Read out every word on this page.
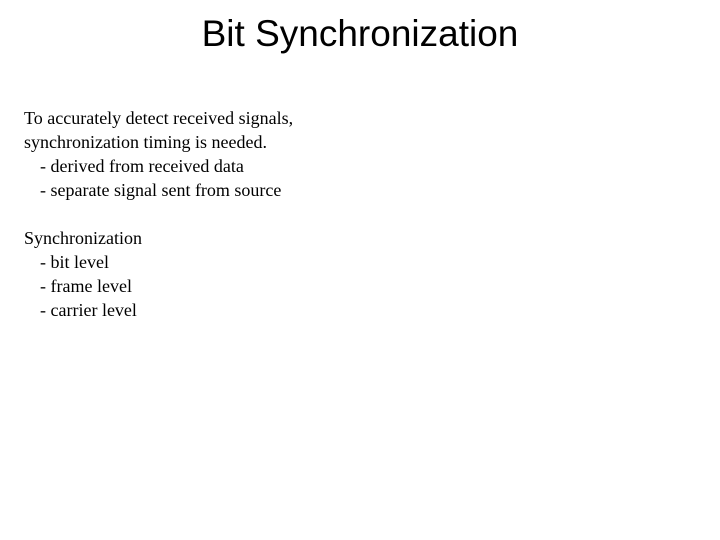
Bit Synchronization
To accurately detect received signals,
synchronization timing is needed.
- derived from received data
- separate signal sent from source
Synchronization
- bit level
- frame level
- carrier level
